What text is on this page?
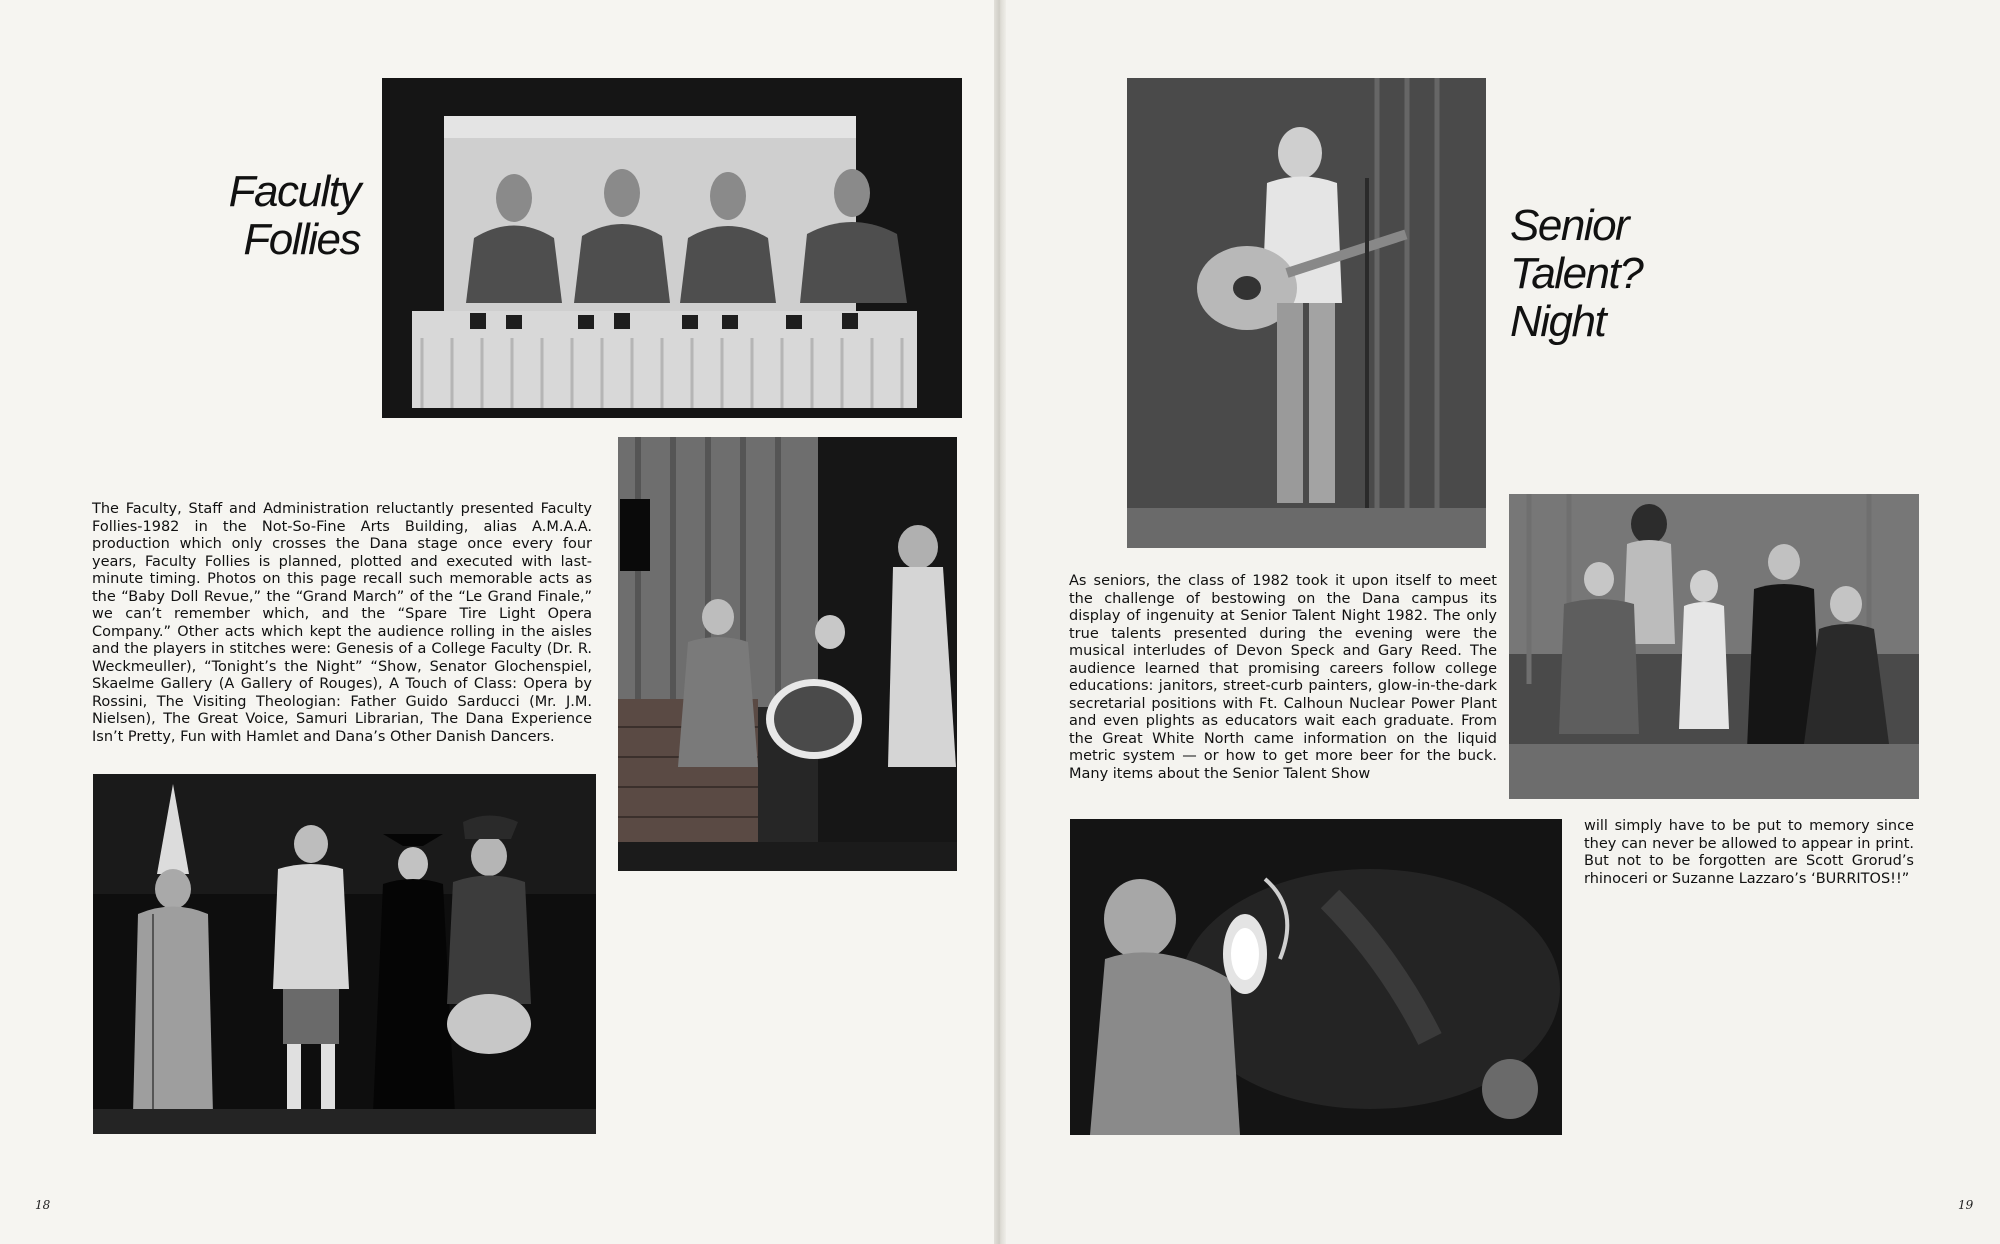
Faculty
Follies
The Faculty, Staff and Administration reluctantly presented Faculty Follies-1982 in the Not-So-Fine Arts Building, alias A.M.A.A. production which only crosses the Dana stage once every four years, Faculty Follies is planned, plotted and executed with last-minute timing. Photos on this page recall such memorable acts as the “Baby Doll Revue,” the “Grand March” of the “Le Grand Finale,” we can’t remember which, and the “Spare Tire Light Opera Company.” Other acts which kept the audience rolling in the aisles and the players in stitches were: Genesis of a College Faculty (Dr. R. Weckmeuller), “Tonight’s the Night” “Show, Senator Glochenspiel, Skaelme Gallery (A Gallery of Rouges), A Touch of Class: Opera by Rossini, The Visiting Theologian: Father Guido Sarducci (Mr. J.M. Nielsen), The Great Voice, Samuri Librarian, The Dana Experience Isn’t Pretty, Fun with Hamlet and Dana’s Other Danish Dancers.
18
Senior
Talent?
Night
As seniors, the class of 1982 took it upon itself to meet the challenge of bestowing on the Dana campus its display of ingenuity at Senior Talent Night 1982. The only true talents presented during the evening were the musical interludes of Devon Speck and Gary Reed. The audience learned that promising careers follow college educations: janitors, street-curb painters, glow-in-the-dark secretarial positions with Ft. Calhoun Nuclear Power Plant and even plights as educators wait each graduate. From the Great White North came information on the liquid metric system — or how to get more beer for the buck. Many items about the Senior Talent Show
will simply have to be put to memory since they can never be allowed to appear in print. But not to be forgotten are Scott Grorud’s rhinoceri or Suzanne Lazzaro’s ‘BURRITOS!!”
19
